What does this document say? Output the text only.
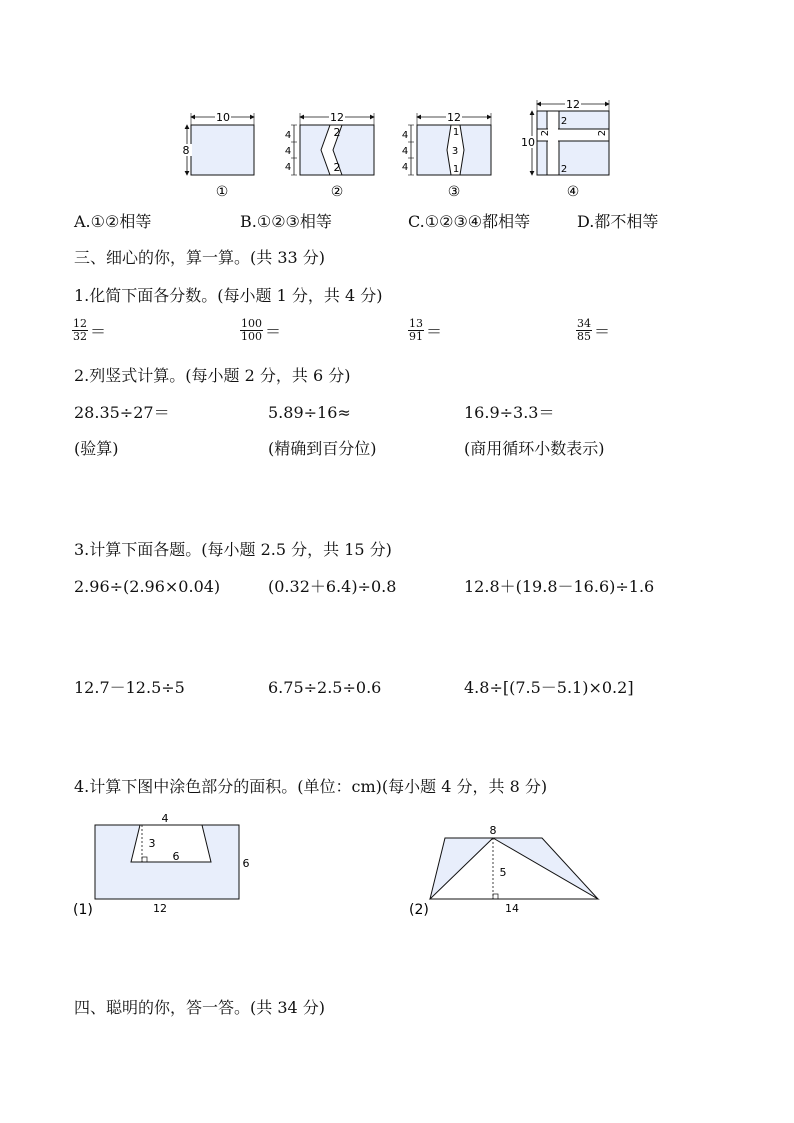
10
8
①
12
4
4
4
2
2
②
12
4
4
4
1
3
1
③
12
10
2
2	2
2
④
A.①②相等	B.①②③相等	C.①②③④都相等	D.都不相等
三、细心的你，算一算。(共 33 分)
1.化简下面各分数。(每小题 1 分，共 4 分)
$\frac{12}{32}$ ＝	$\frac{100}{100}$ ＝	$\frac{13}{91}$ ＝	$\frac{34}{85}$ ＝
2.列竖式计算。(每小题 2 分，共 6 分)
28.35÷27＝	5.89÷16≈	16.9÷3.3＝
(验算)	(精确到百分位)	(商用循环小数表示)
3.计算下面各题。(每小题 2.5 分，共 15 分)
2.96÷(2.96×0.04)	(0.32＋6.4)÷0.8	12.8＋(19.8－16.6)÷1.6
12.7－12.5÷5	6.75÷2.5÷0.6	4.8÷[(7.5－5.1)×0.2]
4.计算下图中涂色部分的面积。(单位：cm)(每小题 4 分，共 8 分)
4
3
6
6
12
(1)
8
5
14
(2)
四、聪明的你，答一答。(共 34 分)
